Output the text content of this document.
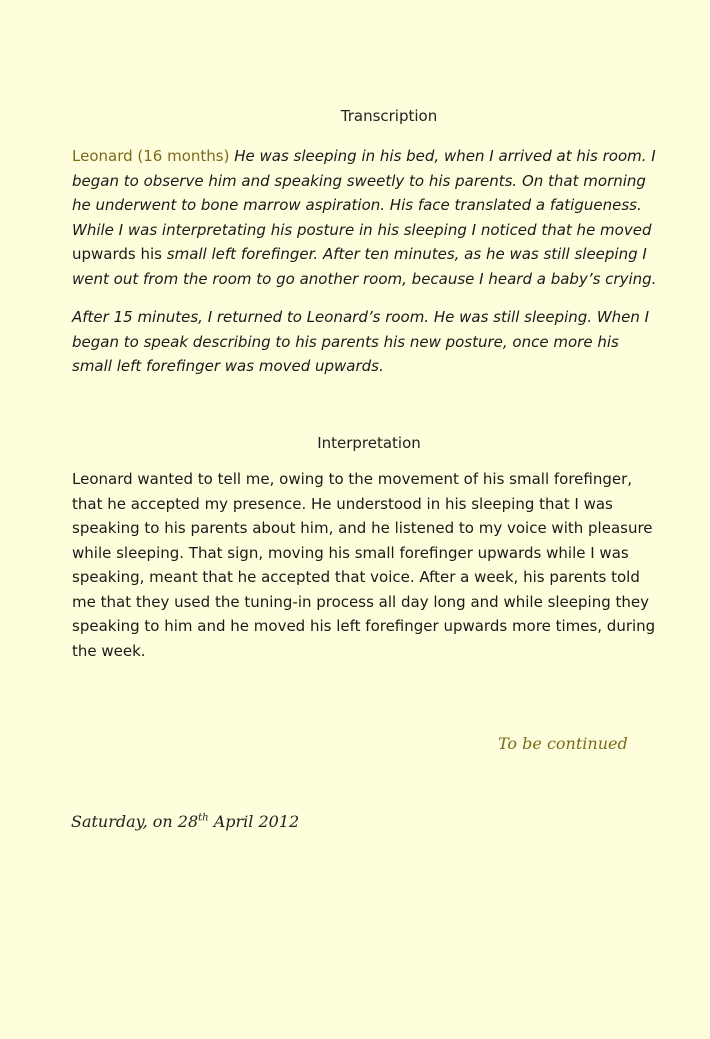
Transcription
Leonard (16 months) He was sleeping in his bed, when I arrived at his room. I began to observe him and speaking sweetly to his parents. On that morning he underwent to bone marrow aspiration. His face translated a fatigueness. While I was interpretating his posture in his sleeping I noticed that he moved upwards his small left forefinger. After ten minutes, as he was still sleeping I went out from the room to go another room, because I heard a baby’s crying.
After 15 minutes, I returned to Leonard’s room. He was still sleeping. When I began to speak describing to his parents his new posture, once more his small left forefinger was moved upwards.
Interpretation
Leonard wanted to tell me, owing to the movement of his small forefinger, that he accepted my presence. He understood in his sleeping that I was speaking to his parents about him, and he listened to my voice with pleasure while sleeping. That sign, moving his small forefinger upwards while I was speaking, meant that he accepted that voice. After a week, his parents told me that they used the tuning-in process all day long and while sleeping they speaking to him and he moved his left forefinger upwards more times, during the week.
To be continued
Saturday, on 28th April 2012
